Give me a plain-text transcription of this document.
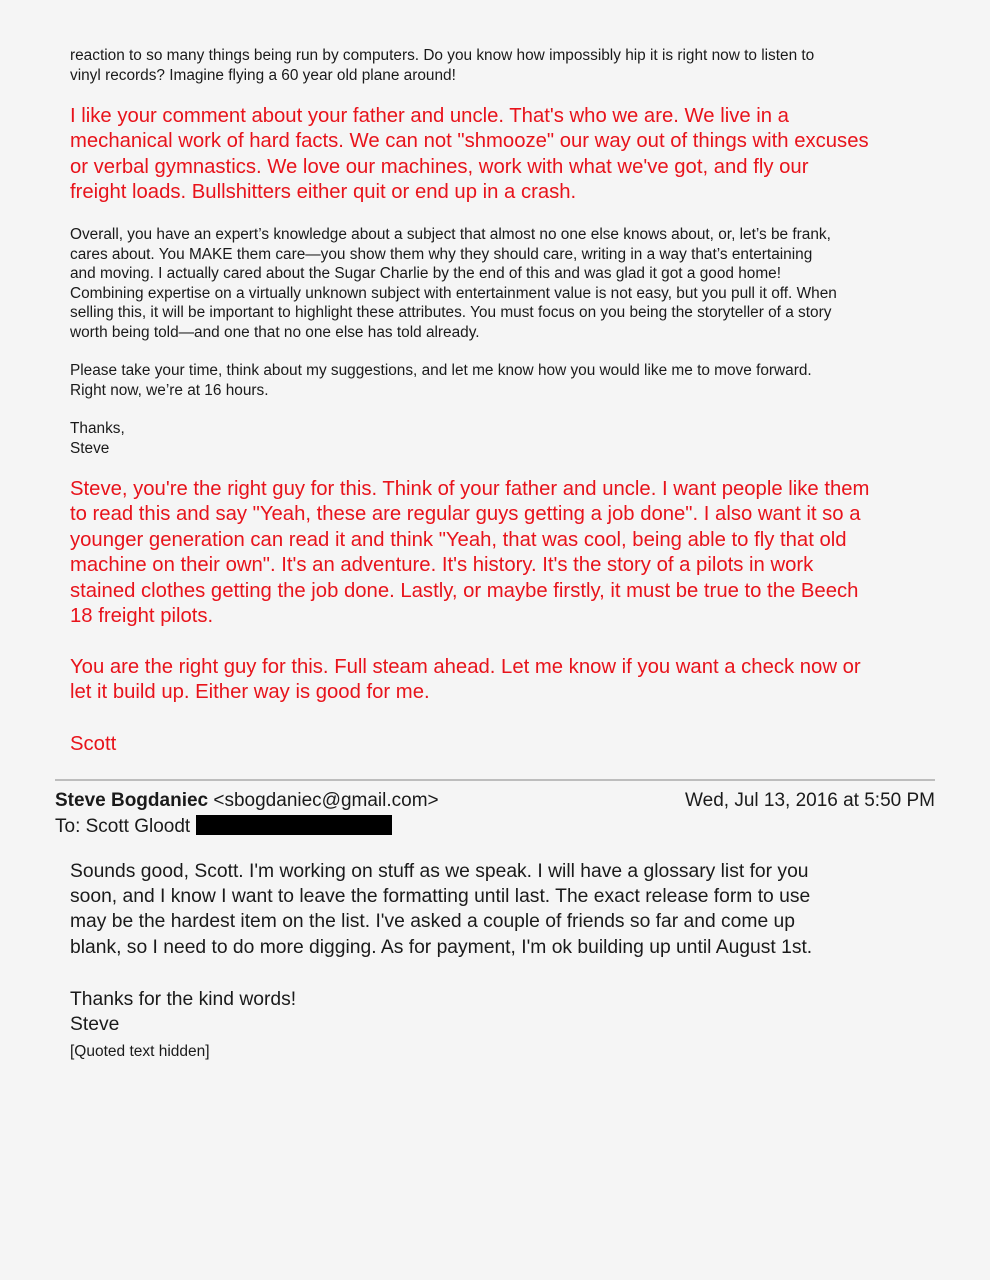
reaction to so many things being run by computers. Do you know how impossibly hip it is right now to listen to
vinyl records? Imagine flying a 60 year old plane around!
I like your comment about your father and uncle. That's who we are. We live in a
mechanical work of hard facts. We can not "shmooze" our way out of things with excuses
or verbal gymnastics. We love our machines, work with what we've got, and fly our
freight loads. Bullshitters either quit or end up in a crash.
Overall, you have an expert’s knowledge about a subject that almost no one else knows about, or, let’s be frank,
cares about. You MAKE them care—you show them why they should care, writing in a way that’s entertaining
and moving. I actually cared about the Sugar Charlie by the end of this and was glad it got a good home!
Combining expertise on a virtually unknown subject with entertainment value is not easy, but you pull it off. When
selling this, it will be important to highlight these attributes. You must focus on you being the storyteller of a story
worth being told—and one that no one else has told already.
Please take your time, think about my suggestions, and let me know how you would like me to move forward.
Right now, we’re at 16 hours.
Thanks,
Steve
Steve, you're the right guy for this. Think of your father and uncle. I want people like them
to read this and say "Yeah, these are regular guys getting a job done". I also want it so a
younger generation can read it and think "Yeah, that was cool, being able to fly that old
machine on their own". It's an adventure. It's history. It's the story of a pilots in work
stained clothes getting the job done. Lastly, or maybe firstly, it must be true to the Beech
18 freight pilots.
You are the right guy for this. Full steam ahead. Let me know if you want a check now or
let it build up. Either way is good for me.
Scott
Steve Bogdaniec <sbogdaniec@gmail.com>	Wed, Jul 13, 2016 at 5:50 PM
To: Scott Gloodt
Sounds good, Scott. I'm working on stuff as we speak. I will have a glossary list for you
soon, and I know I want to leave the formatting until last. The exact release form to use
may be the hardest item on the list. I've asked a couple of friends so far and come up
blank, so I need to do more digging. As for payment, I'm ok building up until August 1st.
Thanks for the kind words!
Steve
[Quoted text hidden]
